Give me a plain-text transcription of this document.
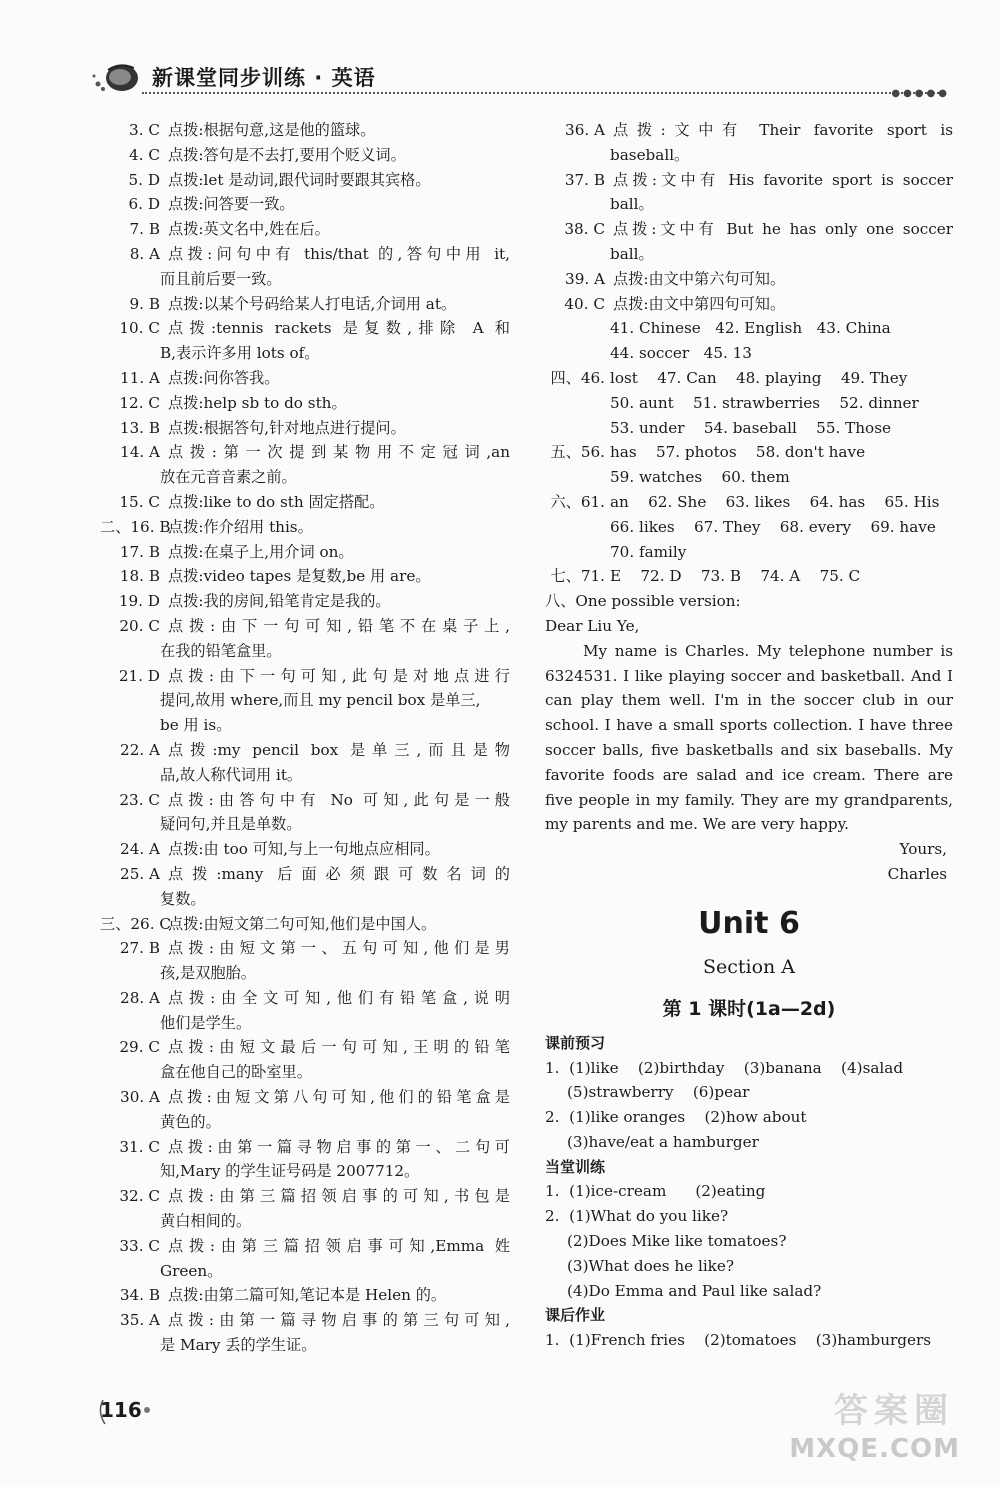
新课堂同步训练 · 英语
●●●●●
3. C 点拨:根据句意,这是他的篮球。
4. C 点拨:答句是不去打,要用个贬义词。
5. D 点拨:let 是动词,跟代词时要跟其宾格。
6. D 点拨:问答要一致。
7. B 点拨:英文名中,姓在后。
8. A 点拨:问句中有 this/that 的,答句中用 it,
而且前后要一致。
9. B 点拨:以某个号码给某人打电话,介词用 at。
10. C 点拨:tennis rackets 是复数,排除 A 和
B,表示许多用 lots of。
11. A 点拨:问你答我。
12. C 点拨:help sb to do sth。
13. B 点拨:根据答句,针对地点进行提问。
14. A 点拨:第一次提到某物用不定冠词,an
放在元音音素之前。
15. C 点拨:like to do sth 固定搭配。
二、16. B
点拨:作介绍用 this。
17. B 点拨:在桌子上,用介词 on。
18. B 点拨:video tapes 是复数,be 用 are。
19. D 点拨:我的房间,铅笔肯定是我的。
20. C 点拨:由下一句可知,铅笔不在桌子上,
在我的铅笔盒里。
21. D 点拨:由下一句可知,此句是对地点进行
提问,故用 where,而且 my pencil box 是单三,
be 用 is。
22. A 点拨:my pencil box 是单三,而且是物
品,故人称代词用 it。
23. C 点拨:由答句中有 No 可知,此句是一般
疑问句,并且是单数。
24. A 点拨:由 too 可知,与上一句地点应相同。
25. A 点拨:many 后面必须跟可数名词的
复数。
三、26. C
点拨:由短文第二句可知,他们是中国人。
27. B 点拨:由短文第一、五句可知,他们是男
孩,是双胞胎。
28. A 点拨:由全文可知,他们有铅笔盒,说明
他们是学生。
29. C 点拨:由短文最后一句可知,王明的铅笔
盒在他自己的卧室里。
30. A 点拨:由短文第八句可知,他们的铅笔盒是
黄色的。
31. C 点拨:由第一篇寻物启事的第一、二句可
知,Mary 的学生证号码是 2007712。
32. C 点拨:由第三篇招领启事的可知,书包是
黄白相间的。
33. C 点拨:由第三篇招领启事可知,Emma 姓
Green。
34. B 点拨:由第二篇可知,笔记本是 Helen 的。
35. A 点拨:由第一篇寻物启事的第三句可知,
是 Mary 丢的学生证。
36. A 点拨:文中有 Their favorite sport is
baseball。
37. B 点拨:文中有 His favorite sport is soccer
ball。
38. C 点拨:文中有 But he has only one soccer
ball。
39. A 点拨:由文中第六句可知。
40. C 点拨:由文中第四句可知。
41. Chinese   42. English   43. China
44. soccer   45. 13
四、46. lost    47. Can    48. playing    49. They
50. aunt    51. strawberries    52. dinner
53. under    54. baseball    55. Those
五、56. has    57. photos    58. don't have
59. watches    60. them
六、61. an    62. She    63. likes    64. has    65. His
66. likes    67. They    68. every    69. have
70. family
七、71. E    72. D    73. B    74. A    75. C
八、One possible version:
Dear Liu Ye,
My name is Charles. My telephone number is 6324531. I like playing soccer and basketball. And I can play them well. I'm in the soccer club in our school. I have a small sports collection. I have three soccer balls, five basketballs and six baseballs. My favorite foods are salad and ice cream. There are five people in my family. They are my grandparents, my parents and me. We are very happy.
Yours,
Charles
Unit 6
Section A
第 1 课时(1a—2d)
课前预习
1.  (1)like    (2)birthday    (3)banana    (4)salad
(5)strawberry    (6)pear
2.  (1)like oranges    (2)how about
(3)have/eat a hamburger
当堂训练
1.  (1)ice-cream      (2)eating
2.  (1)What do you like?
(2)Does Mike like tomatoes?
(3)What does he like?
(4)Do Emma and Paul like salad?
课后作业
1.  (1)French fries    (2)tomatoes    (3)hamburgers
116	答案圈
MXQE.COM
